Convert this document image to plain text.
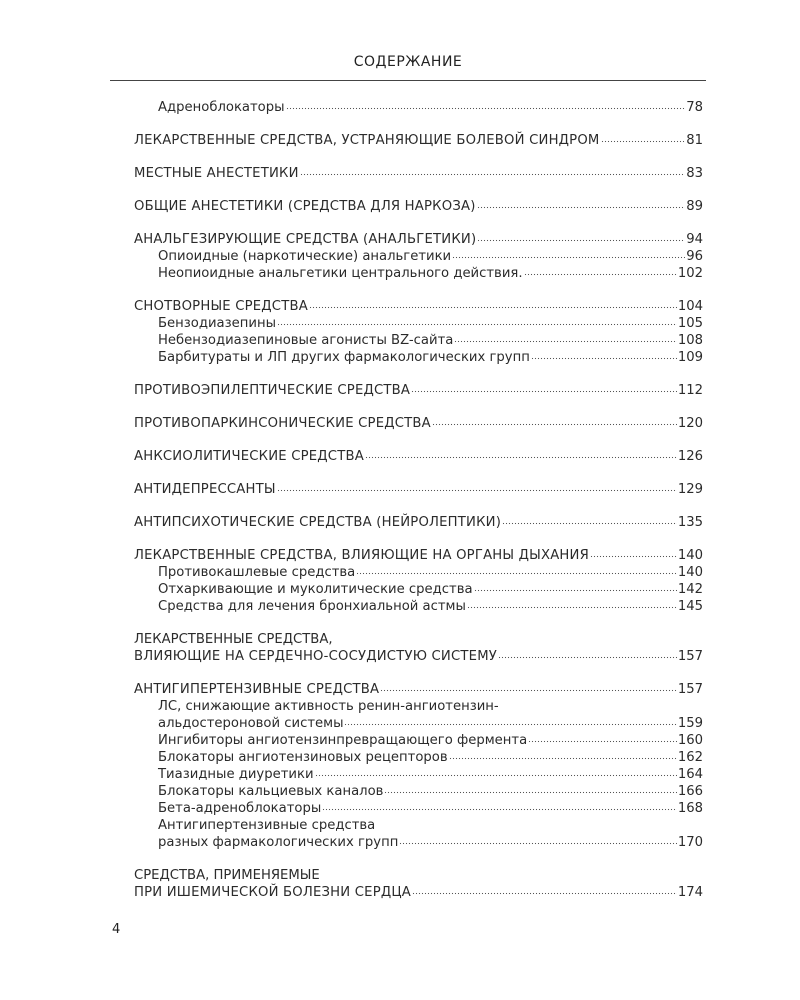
СОДЕРЖАНИЕ
Адреноблокаторы	78
ЛЕКАРСТВЕННЫЕ СРЕДСТВА, УСТРАНЯЮЩИЕ БОЛЕВОЙ СИНДРОМ	81
МЕСТНЫЕ АНЕСТЕТИКИ	83
ОБЩИЕ АНЕСТЕТИКИ (СРЕДСТВА ДЛЯ НАРКОЗА)	89
АНАЛЬГЕЗИРУЮЩИЕ СРЕДСТВА (АНАЛЬГЕТИКИ)	94
Опиоидные (наркотические) анальгетики	96
Неопиоидные анальгетики центрального действия.	102
СНОТВОРНЫЕ СРЕДСТВА	104
Бензодиазепины	105
Небензодиазепиновые агонисты BZ-сайта	108
Барбитураты и ЛП других фармакологических групп	109
ПРОТИВОЭПИЛЕПТИЧЕСКИЕ СРЕДСТВА	112
ПРОТИВОПАРКИНСОНИЧЕСКИЕ СРЕДСТВА	120
АНКСИОЛИТИЧЕСКИЕ СРЕДСТВА	126
АНТИДЕПРЕССАНТЫ	129
АНТИПСИХОТИЧЕСКИЕ СРЕДСТВА (НЕЙРОЛЕПТИКИ)	135
ЛЕКАРСТВЕННЫЕ СРЕДСТВА, ВЛИЯЮЩИЕ НА ОРГАНЫ ДЫХАНИЯ	140
Противокашлевые средства	140
Отхаркивающие и муколитические средства	142
Средства для лечения бронхиальной астмы	145
ЛЕКАРСТВЕННЫЕ СРЕДСТВА,
ВЛИЯЮЩИЕ НА СЕРДЕЧНО-СОСУДИСТУЮ СИСТЕМУ	157
АНТИГИПЕРТЕНЗИВНЫЕ СРЕДСТВА	157
ЛС, снижающие активность ренин-ангиотензин-
альдостероновой системы	159
Ингибиторы ангиотензинпревращающего фермента	160
Блокаторы ангиотензиновых рецепторов	162
Тиазидные диуретики	164
Блокаторы кальциевых каналов	166
Бета-адреноблокаторы	168
Антигипертензивные средства
разных фармакологических групп	170
СРЕДСТВА, ПРИМЕНЯЕМЫЕ
ПРИ ИШЕМИЧЕСКОЙ БОЛЕЗНИ СЕРДЦА	174
4
